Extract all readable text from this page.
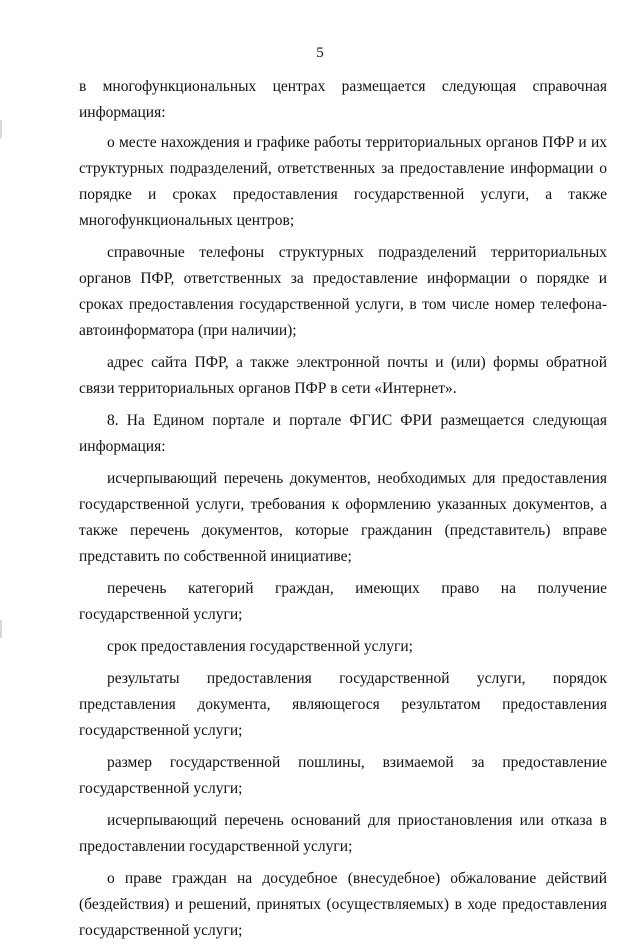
5

в многофункциональных центрах размещается следующая справочная информация:

о месте нахождения и графике работы территориальных органов ПФР и их структурных подразделений, ответственных за предоставление информации о порядке и сроках предоставления государственной услуги, а также многофункциональных центров;

справочные телефоны структурных подразделений территориальных органов ПФР, ответственных за предоставление информации о порядке и сроках предоставления государственной услуги, в том числе номер телефона-автоинформатора (при наличии);

адрес сайта ПФР, а также электронной почты и (или) формы обратной связи территориальных органов ПФР в сети «Интернет».

8. На Едином портале и портале ФГИС ФРИ размещается следующая информация:

исчерпывающий перечень документов, необходимых для предоставления государственной услуги, требования к оформлению указанных документов, а также перечень документов, которые гражданин (представитель) вправе представить по собственной инициативе;

перечень категорий граждан, имеющих право на получение государственной услуги;

срок предоставления государственной услуги;

результаты предоставления государственной услуги, порядок представления документа, являющегося результатом предоставления государственной услуги;

размер государственной пошлины, взимаемой за предоставление государственной услуги;

исчерпывающий перечень оснований для приостановления или отказа в предоставлении государственной услуги;

о праве граждан на досудебное (внесудебное) обжалование действий (бездействия) и решений, принятых (осуществляемых) в ходе предоставления государственной услуги;
